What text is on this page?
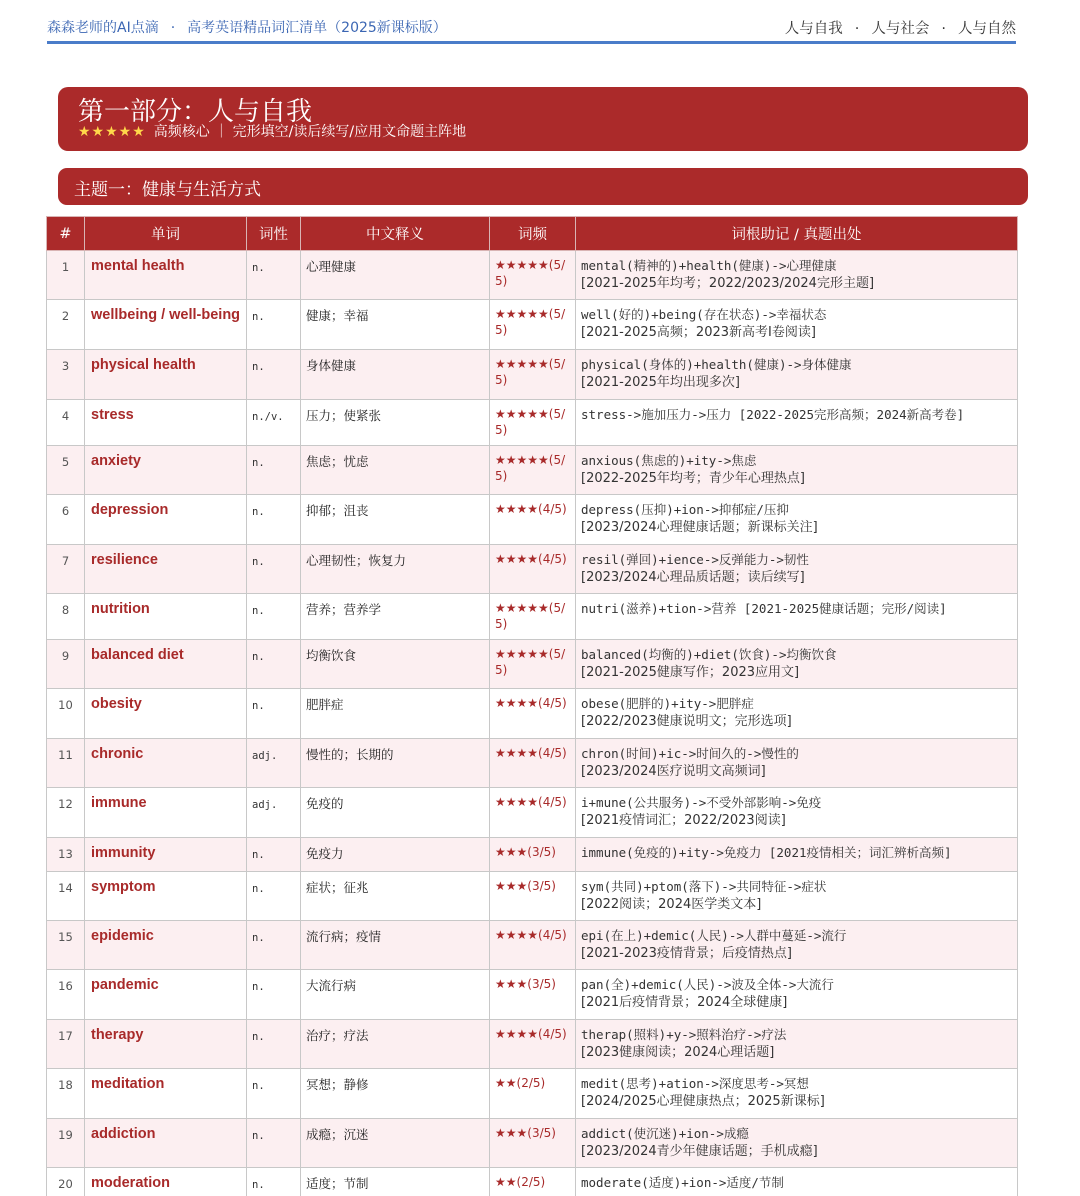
森森老师的AI点滴 · 高考英语精品词汇清单（2025新课标版）	人与自我 · 人与社会 · 人与自然
第一部分：人与自我
★★★★★ 高频核心 ｜ 完形填空/读后续写/应用文命题主阵地
主题一：健康与生活方式
#	单词	词性	中文释义	词频	词根助记 / 真题出处
1	mental health	n.	心理健康	★★★★★(5/5)	mental(精神的)+health(健康)->心理健康
[2021-2025年均考；2022/2023/2024完形主题]

2	wellbeing / well-being	n.	健康；幸福	★★★★★(5/5)	well(好的)+being(存在状态)->幸福状态
[2021-2025高频；2023新高考Ⅰ卷阅读]

3	physical health	n.	身体健康	★★★★★(5/5)	physical(身体的)+health(健康)->身体健康
[2021-2025年均出现多次]

4	stress	n./v.	压力；使紧张	★★★★★(5/5)	stress->施加压力->压力 [2022-2025完形高频；2024新高考卷]

5	anxiety	n.	焦虑；忧虑	★★★★★(5/5)	anxious(焦虑的)+ity->焦虑
[2022-2025年均考；青少年心理热点]

6	depression	n.	抑郁；沮丧	★★★★(4/5)	depress(压抑)+ion->抑郁症/压抑
[2023/2024心理健康话题；新课标关注]

7	resilience	n.	心理韧性；恢复力	★★★★(4/5)	resil(弹回)+ience->反弹能力->韧性
[2023/2024心理品质话题；读后续写]

8	nutrition	n.	营养；营养学	★★★★★(5/5)	nutri(滋养)+tion->营养 [2021-2025健康话题；完形/阅读]

9	balanced diet	n.	均衡饮食	★★★★★(5/5)	balanced(均衡的)+diet(饮食)->均衡饮食
[2021-2025健康写作；2023应用文]

10	obesity	n.	肥胖症	★★★★(4/5)	obese(肥胖的)+ity->肥胖症
[2022/2023健康说明文；完形选项]

11	chronic	adj.	慢性的；长期的	★★★★(4/5)	chron(时间)+ic->时间久的->慢性的
[2023/2024医疗说明文高频词]

12	immune	adj.	免疫的	★★★★(4/5)	i+mune(公共服务)->不受外部影响->免疫
[2021疫情词汇；2022/2023阅读]

13	immunity	n.	免疫力	★★★(3/5)	immune(免疫的)+ity->免疫力 [2021疫情相关；词汇辨析高频]

14	symptom	n.	症状；征兆	★★★(3/5)	sym(共同)+ptom(落下)->共同特征->症状
[2022阅读；2024医学类文本]

15	epidemic	n.	流行病；疫情	★★★★(4/5)	epi(在上)+demic(人民)->人群中蔓延->流行
[2021-2023疫情背景；后疫情热点]

16	pandemic	n.	大流行病	★★★(3/5)	pan(全)+demic(人民)->波及全体->大流行
[2021后疫情背景；2024全球健康]

17	therapy	n.	治疗；疗法	★★★★(4/5)	therap(照料)+y->照料治疗->疗法
[2023健康阅读；2024心理话题]

18	meditation	n.	冥想；静修	★★(2/5)	medit(思考)+ation->深度思考->冥想
[2024/2025心理健康热点；2025新课标]

19	addiction	n.	成瘾；沉迷	★★★(3/5)	addict(使沉迷)+ion->成瘾
[2023/2024青少年健康话题；手机成瘾]

20	moderation	n.	适度；节制	★★(2/5)	moderate(适度)+ion->适度/节制
